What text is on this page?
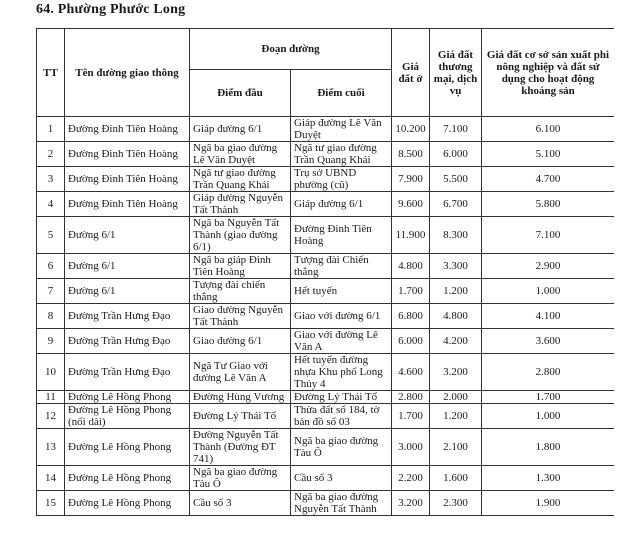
64. Phường Phước Long
TT	Tên đường giao thông	Đoạn đường		Giá đất ở	Giá đất thương mại, dịch vụ	Giá đất cơ sở sản xuất phi nông nghiệp và đất sử dụng cho hoạt động khoáng sản
		Điểm đầu	Điểm cuối			
1	Đường Đinh Tiên Hoàng	Giáp đường 6/1	Giáp đường Lê Văn Duyệt	10.200	7.100	6.100
2	Đường Đinh Tiên Hoàng	Ngã ba giao đường Lê Văn Duyệt	Ngã tư giao đường Trần Quang Khải	8.500	6.000	5.100
3	Đường Đinh Tiên Hoàng	Ngã tư giao đường Trần Quang Khải	Trụ sở UBND phường (cũ)	7.900	5.500	4.700
4	Đường Đinh Tiên Hoàng	Giáp đường Nguyễn Tất Thành	Giáp đường 6/1	9.600	6.700	5.800
5	Đường 6/1	Ngã ba Nguyễn Tất Thành (giao đường 6/1)	Đường Đinh Tiên Hoàng	11.900	8.300	7.100
6	Đường 6/1	Ngã ba giáp Đinh Tiên Hoàng	Tượng đài Chiến thắng	4.800	3.300	2.900
7	Đường 6/1	Tượng đài chiến thắng	Hết tuyến	1.700	1.200	1.000
8	Đường Trần Hưng Đạo	Giao đường Nguyễn Tất Thành	Giao với đường 6/1	6.800	4.800	4.100
9	Đường Trần Hưng Đạo	Giao đường 6/1	Giao với đường Lê Văn A	6.000	4.200	3.600
10	Đường Trần Hưng Đạo	Ngã Tư Giao với đường Lê Văn A	Hết tuyến đường nhựa Khu phố Long Thủy 4	4.600	3.200	2.800
11	Đường Lê Hồng Phong	Đường Hùng Vương	Đường Lý Thái Tổ	2.800	2.000	1.700
12	Đường Lê Hồng Phong (nối dài)	Đường Lý Thái Tổ	Thửa đất số 184, tờ bản đồ số 03	1.700	1.200	1.000
13	Đường Lê Hồng Phong	Đường Nguyễn Tất Thành (Đường ĐT 741)	Ngã ba giao đường Tàu Ô	3.000	2.100	1.800
14	Đường Lê Hồng Phong	Ngã ba giao đường Tàu Ô	Cầu số 3	2.200	1.600	1.300
15	Đường Lê Hồng Phong	Cầu số 3	Ngã ba giao đường Nguyễn Tất Thành	3.200	2.300	1.900
